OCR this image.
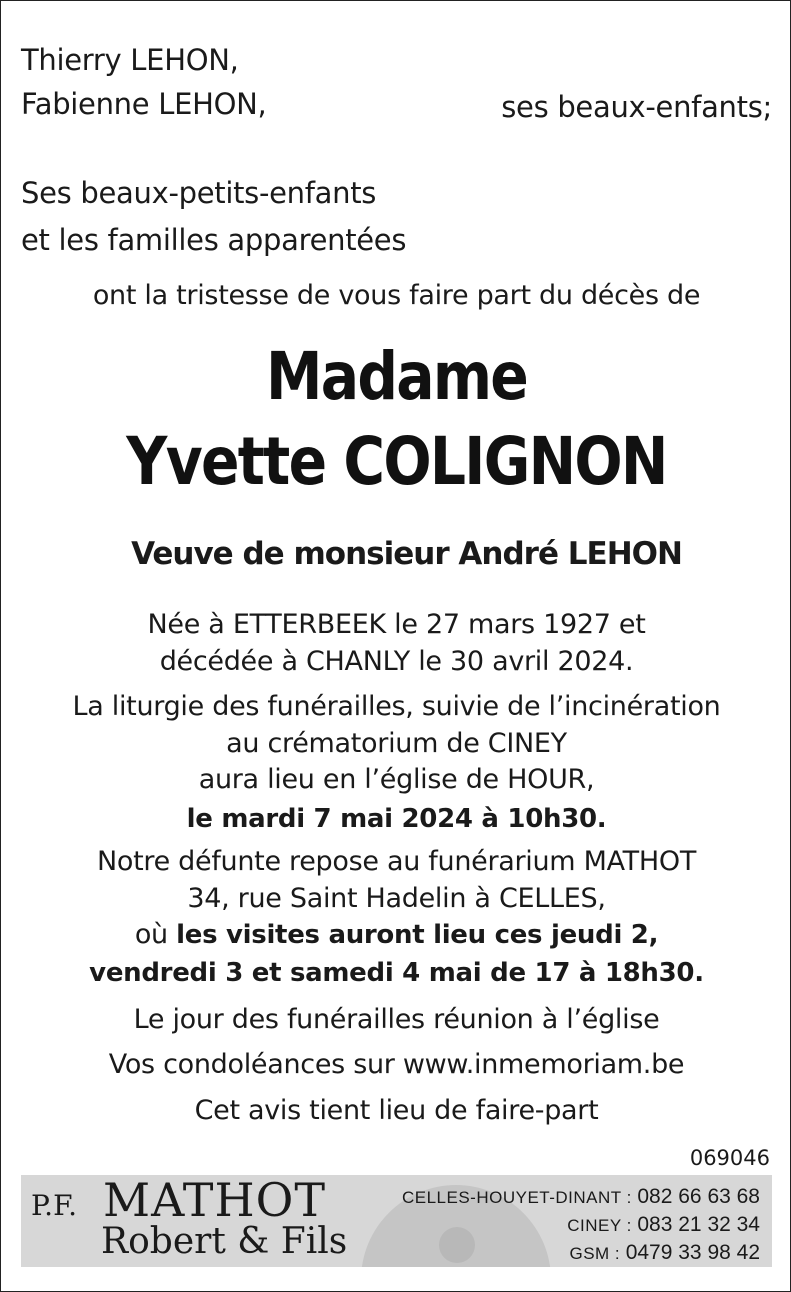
Thierry LEHON,
Fabienne LEHON,	ses beaux-enfants;
Ses beaux-petits-enfants
et les familles apparentées
ont la tristesse de vous faire part du décès de
Madame
Yvette COLIGNON
Veuve de monsieur André LEHON
Née à ETTERBEEK le 27 mars 1927 et
décédée à CHANLY le 30 avril 2024.
La liturgie des funérailles, suivie de l’incinération
au crématorium de CINEY
aura lieu en l’église de HOUR,
le mardi 7 mai 2024 à 10h30.
Notre défunte repose au funérarium MATHOT
34, rue Saint Hadelin à CELLES,
où les visites auront lieu ces jeudi 2,
vendredi 3 et samedi 4 mai de 17 à 18h30.
Le jour des funérailles réunion à l’église
Vos condoléances sur www.inmemoriam.be
Cet avis tient lieu de faire-part
069046
P.F. MATHOT
Robert & Fils
CELLES-HOUYET-DINANT : 082 66 63 68
CINEY : 083 21 32 34
GSM : 0479 33 98 42
